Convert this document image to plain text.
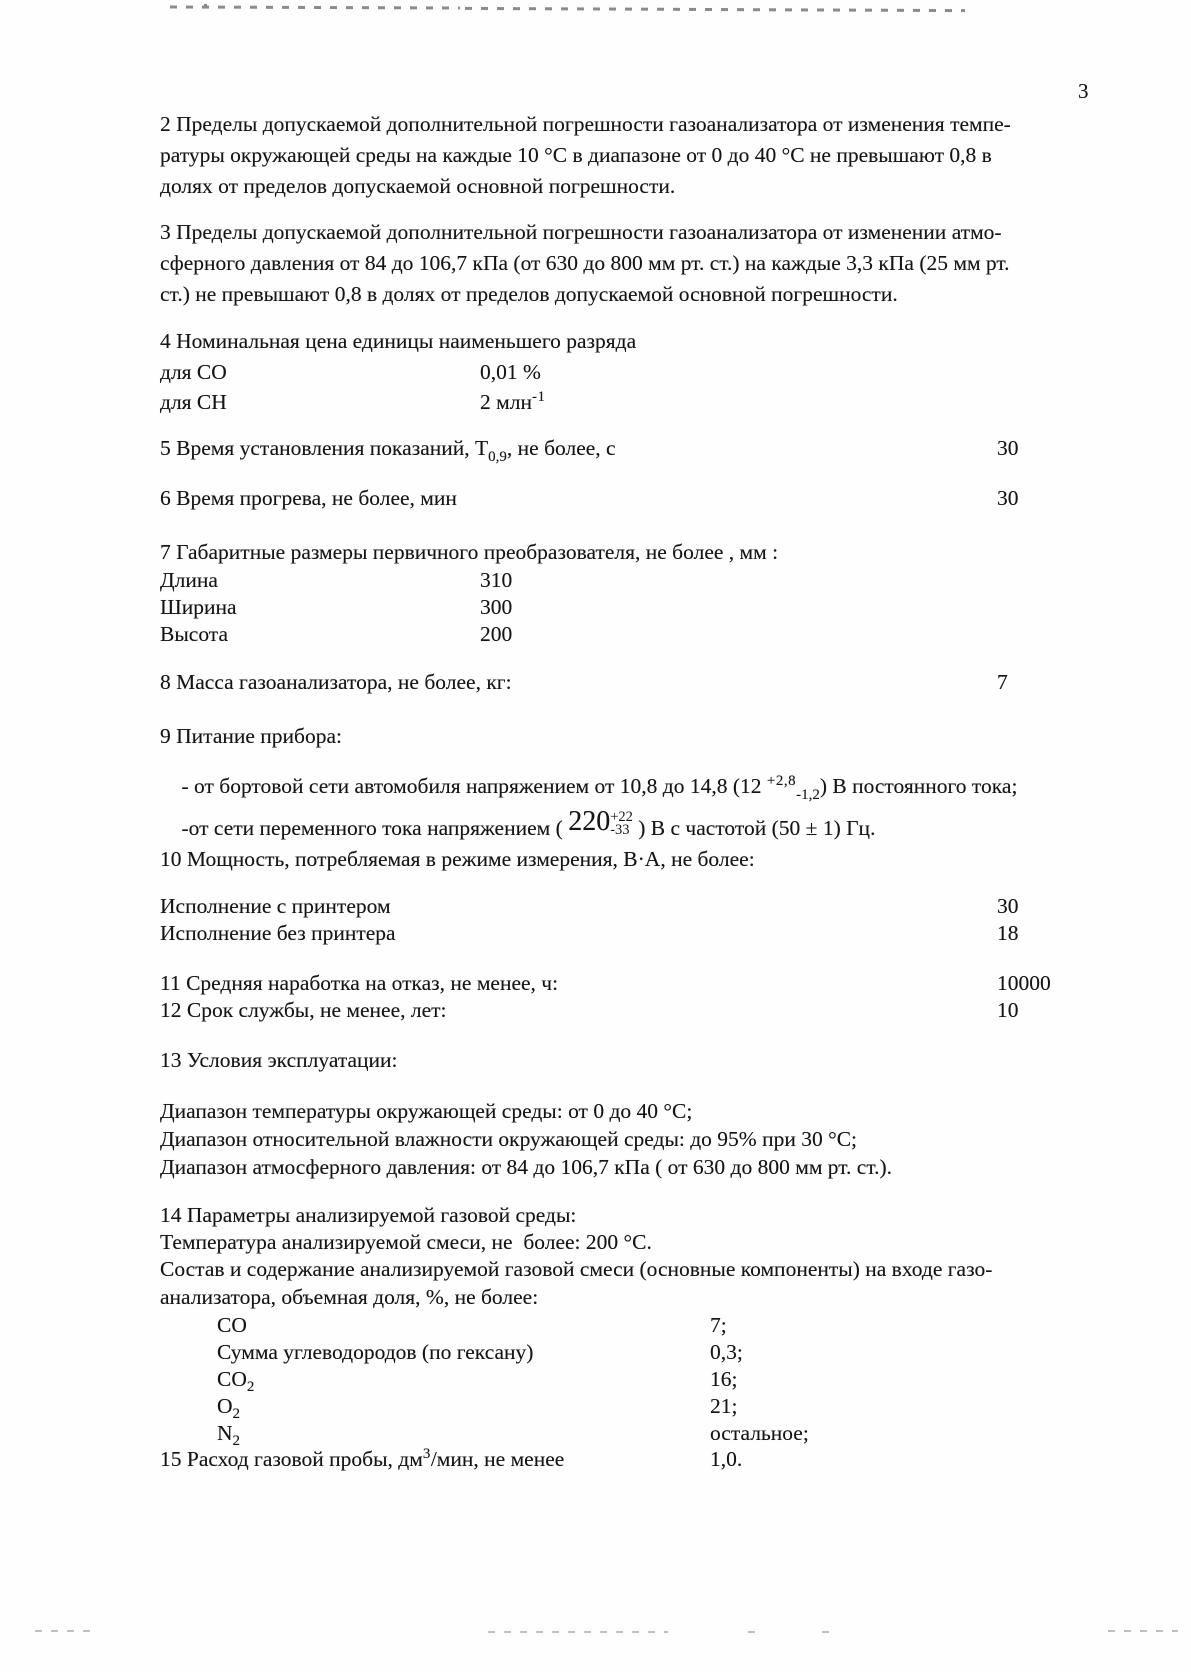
3
2 Пределы допускаемой дополнительной погрешности газоанализатора от изменения темпе-
ратуры окружающей среды на каждые 10 °С в диапазоне от 0 до 40 °С не превышают 0,8 в
долях от пределов допускаемой основной погрешности.
3 Пределы допускаемой дополнительной погрешности газоанализатора от изменении атмо-
сферного давления от 84 до 106,7 кПа (от 630 до 800 мм рт. ст.) на каждые 3,3 кПа (25 мм рт.
ст.) не превышают 0,8 в долях от пределов допускаемой основной погрешности.
4 Номинальная цена единицы наименьшего разряда
для CO	0,01 %
для CH	2 млн$^{-1}$
5 Время установления показаний, $Т_{0,9}$, не более, с	30
6 Время прогрева, не более, мин	30
7 Габаритные размеры первичного преобразователя, не более , мм :
Длина	310
Ширина	300
Высота	200
8 Масса газоанализатора, не более, кг:	7
9 Питание прибора:

- от бортовой сети автомобиля напряжением от 10,8 до 14,8 (12 $^{+2,8}_{-1,2}$) В постоянного тока;

-от сети переменного тока напряжением ( 220 +22
-33 ) В с частотой (50 ± 1) Гц.

10 Мощность, потребляемая в режиме измерения, В·А, не более:
Исполнение с принтером	30
Исполнение без принтера	18
11 Средняя наработка на отказ, не менее, ч:	10000
12 Срок службы, не менее, лет:	10
13 Условия эксплуатации:
Диапазон температуры окружающей среды: от 0 до 40 °С;
Диапазон относительной влажности окружающей среды: до 95% при 30 °С;
Диапазон атмосферного давления: от 84 до 106,7 кПа ( от 630 до 800 мм рт. ст.).
14 Параметры анализируемой газовой среды:
Температура анализируемой смеси, не  более: 200 °С.
Состав и содержание анализируемой газовой смеси (основные компоненты) на входе газо-
анализатора, объемная доля, %, не более:
CO	7;
Сумма углеводородов (по гексану)	0,3;
$CO_2$	16;
$O_2$	21;
$N_2$	остальное;
15 Расход газовой пробы, $дм^3$/мин, не менее	1,0.
